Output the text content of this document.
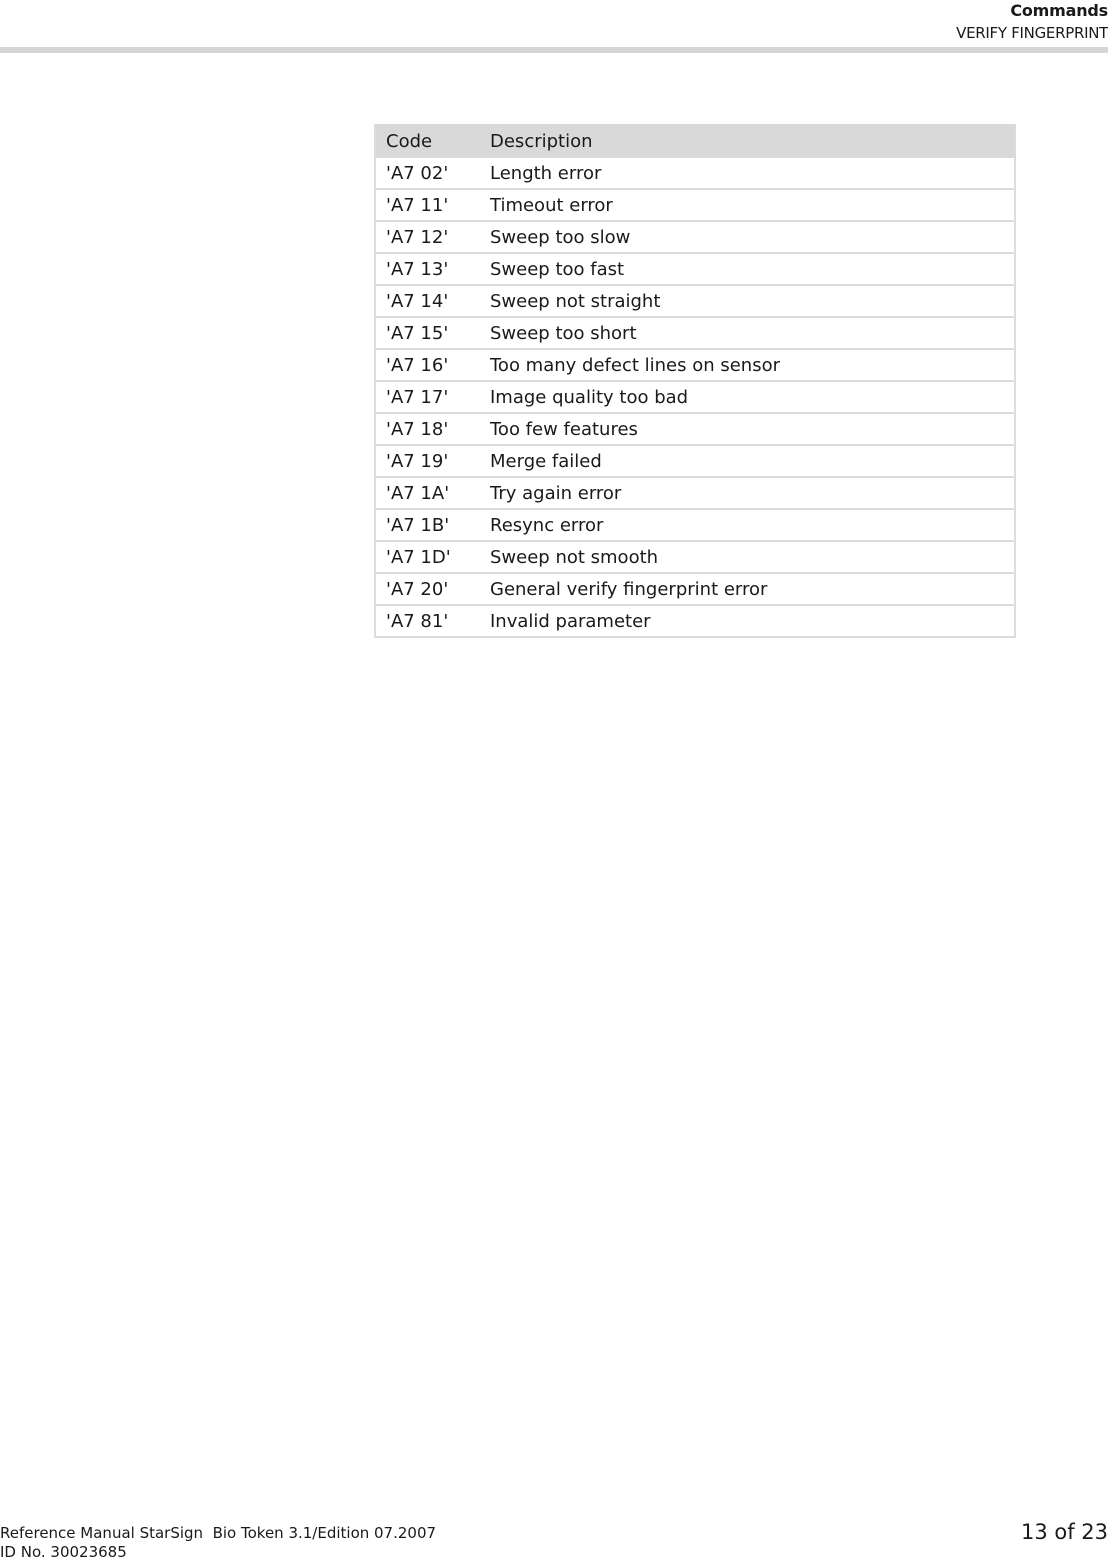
Commands
VERIFY FINGERPRINT
Code	Description
'A7 02'	Length error
'A7 11'	Timeout error
'A7 12'	Sweep too slow
'A7 13'	Sweep too fast
'A7 14'	Sweep not straight
'A7 15'	Sweep too short
'A7 16'	Too many defect lines on sensor
'A7 17'	Image quality too bad
'A7 18'	Too few features
'A7 19'	Merge failed
'A7 1A'	Try again error
'A7 1B'	Resync error
'A7 1D'	Sweep not smooth
'A7 20'	General verify fingerprint error
'A7 81'	Invalid parameter
Reference Manual StarSign  Bio Token 3.1/Edition 07.2007
ID No. 30023685
13 of 23
